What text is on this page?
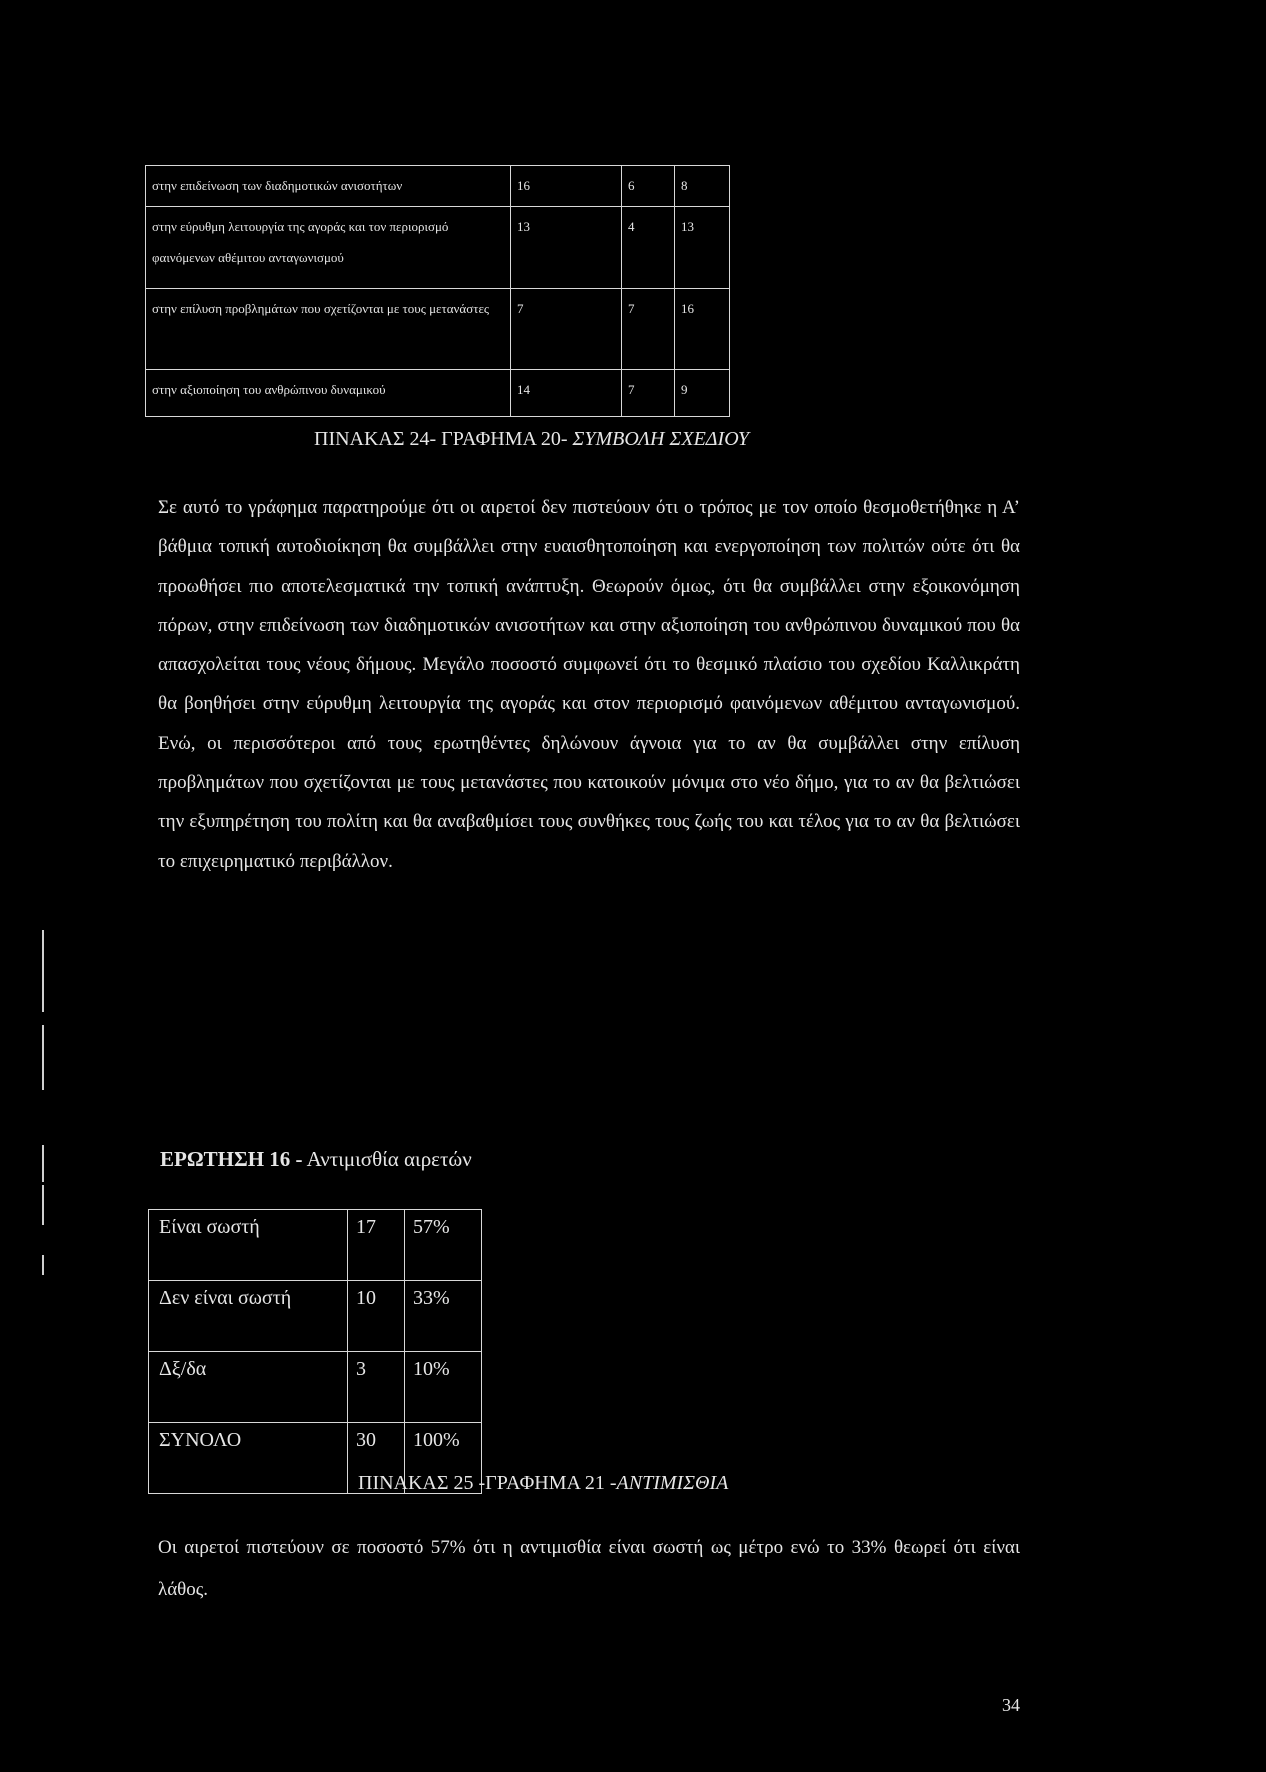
στην επιδείνωση των διαδημοτικών ανισοτήτων	16	6	8
στην εύρυθμη λειτουργία της αγοράς και τον περιορισμό φαινόμενων αθέμιτου ανταγωνισμού	13	4	13
στην επίλυση προβλημάτων που σχετίζονται με τους μετανάστες	7	7	16
στην αξιοποίηση του ανθρώπινου δυναμικού	14	7	9
ΠΙΝΑΚΑΣ 24- ΓΡΑΦΗΜΑ 20- ΣΥΜΒΟΛΗ ΣΧΕΔΙΟΥ
Σε αυτό το γράφημα παρατηρούμε ότι οι αιρετοί δεν πιστεύουν ότι ο τρόπος με τον οποίο θεσμοθετήθηκε η Α’ βάθμια τοπική αυτοδιοίκηση θα συμβάλλει στην ευαισθητοποίηση και ενεργοποίηση των πολιτών ούτε ότι θα προωθήσει πιο αποτελεσματικά την τοπική ανάπτυξη. Θεωρούν όμως, ότι θα συμβάλλει στην εξοικονόμηση πόρων, στην επιδείνωση των διαδημοτικών ανισοτήτων και στην αξιοποίηση του ανθρώπινου δυναμικού που θα απασχολείται τους νέους δήμους. Μεγάλο ποσοστό συμφωνεί ότι το θεσμικό πλαίσιο του σχεδίου Καλλικράτη θα βοηθήσει στην εύρυθμη λειτουργία της αγοράς και στον περιορισμό φαινόμενων αθέμιτου ανταγωνισμού. Ενώ, οι περισσότεροι από τους ερωτηθέντες δηλώνουν άγνοια για το αν θα συμβάλλει στην επίλυση προβλημάτων που σχετίζονται με τους μετανάστες που κατοικούν μόνιμα στο νέο δήμο, για το αν θα βελτιώσει την εξυπηρέτηση του πολίτη και θα αναβαθμίσει τους συνθήκες τους ζωής του και τέλος για το αν θα βελτιώσει το επιχειρηματικό περιβάλλον.
ΕΡΩΤΗΣΗ 16 - Αντιμισθία αιρετών
Είναι σωστή	17	57%
Δεν είναι σωστή	10	33%
Δξ/δα	3	10%
ΣΥΝΟΛΟ	30	100%
ΠΙΝΑΚΑΣ 25 -ΓΡΑΦΗΜΑ 21 -ΑΝΤΙΜΙΣΘΙΑ
Οι αιρετοί πιστεύουν σε ποσοστό 57% ότι η αντιμισθία είναι σωστή ως μέτρο ενώ το 33% θεωρεί ότι είναι λάθος.
34
